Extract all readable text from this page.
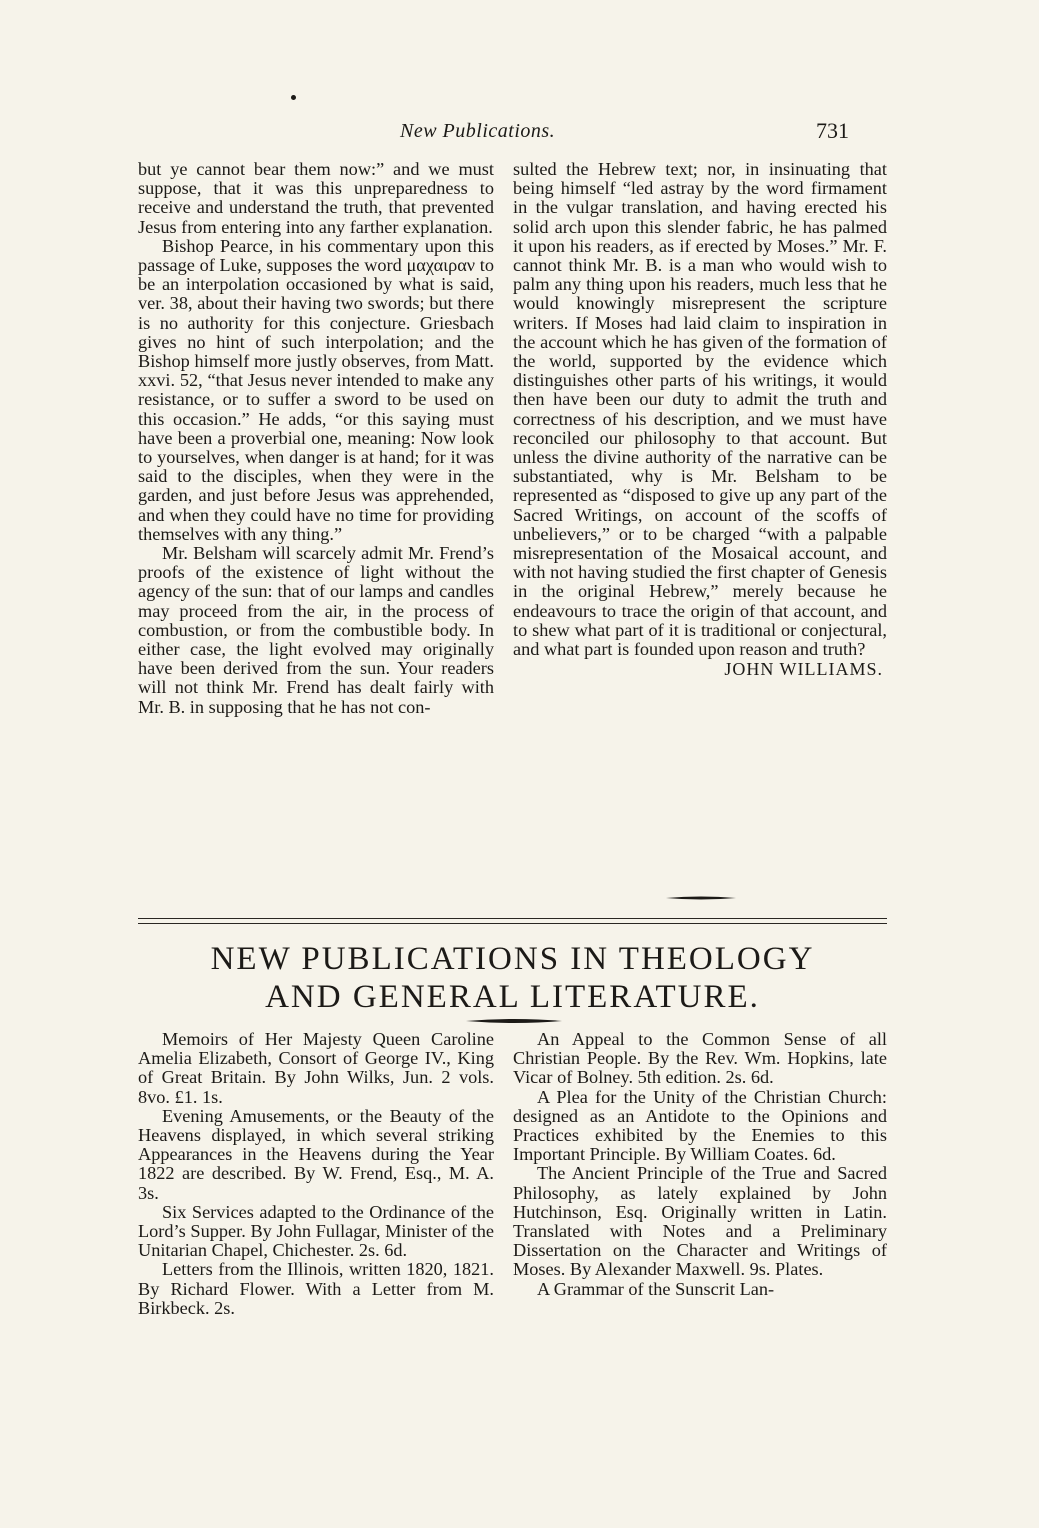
New Publications.	731

but ye cannot bear them now:” and we must suppose, that it was this unpreparedness to receive and understand the truth, that prevented Jesus from entering into any farther explanation.

Bishop Pearce, in his commentary upon this passage of Luke, supposes the word μαχαιραν to be an interpolation occasioned by what is said, ver. 38, about their having two swords; but there is no authority for this conjecture. Griesbach gives no hint of such interpolation; and the Bishop himself more justly observes, from Matt. xxvi. 52, “that Jesus never intended to make any resistance, or to suffer a sword to be used on this occasion.” He adds, “or this saying must have been a proverbial one, meaning: Now look to yourselves, when danger is at hand; for it was said to the disciples, when they were in the garden, and just before Jesus was apprehended, and when they could have no time for providing themselves with any thing.”

Mr. Belsham will scarcely admit Mr. Frend’s proofs of the existence of light without the agency of the sun: that of our lamps and candles may proceed from the air, in the process of combustion, or from the combustible body. In either case, the light evolved may originally have been derived from the sun. Your readers will not think Mr. Frend has dealt fairly with Mr. B. in supposing that he has not con-

sulted the Hebrew text; nor, in insinuating that being himself “led astray by the word firmament in the vulgar translation, and having erected his solid arch upon this slender fabric, he has palmed it upon his readers, as if erected by Moses.” Mr. F. cannot think Mr. B. is a man who would wish to palm any thing upon his readers, much less that he would knowingly misrepresent the scripture writers. If Moses had laid claim to inspiration in the account which he has given of the formation of the world, supported by the evidence which distinguishes other parts of his writings, it would then have been our duty to admit the truth and correctness of his description, and we must have reconciled our philosophy to that account. But unless the divine authority of the narrative can be substantiated, why is Mr. Belsham to be represented as “disposed to give up any part of the Sacred Writings, on account of the scoffs of unbelievers,” or to be charged “with a palpable misrepresentation of the Mosaical account, and with not having studied the first chapter of Genesis in the original Hebrew,” merely because he endeavours to trace the origin of that account, and to shew what part of it is traditional or conjectural, and what part is founded upon reason and truth?

JOHN WILLIAMS.
NEW PUBLICATIONS IN THEOLOGY
AND GENERAL LITERATURE.

Memoirs of Her Majesty Queen Caroline Amelia Elizabeth, Consort of George IV., King of Great Britain. By John Wilks, Jun. 2 vols. 8vo. £1. 1s.

Evening Amusements, or the Beauty of the Heavens displayed, in which several striking Appearances in the Heavens during the Year 1822 are described. By W. Frend, Esq., M. A. 3s.

Six Services adapted to the Ordinance of the Lord’s Supper. By John Fullagar, Minister of the Unitarian Chapel, Chichester. 2s. 6d.

Letters from the Illinois, written 1820, 1821. By Richard Flower. With a Letter from M. Birkbeck. 2s.

An Appeal to the Common Sense of all Christian People. By the Rev. Wm. Hopkins, late Vicar of Bolney. 5th edition. 2s. 6d.

A Plea for the Unity of the Christian Church: designed as an Antidote to the Opinions and Practices exhibited by the Enemies to this Important Principle. By William Coates. 6d.

The Ancient Principle of the True and Sacred Philosophy, as lately explained by John Hutchinson, Esq. Originally written in Latin. Translated with Notes and a Preliminary Dissertation on the Character and Writings of Moses. By Alexander Maxwell. 9s. Plates.

A Grammar of the Sunscrit Lan-
